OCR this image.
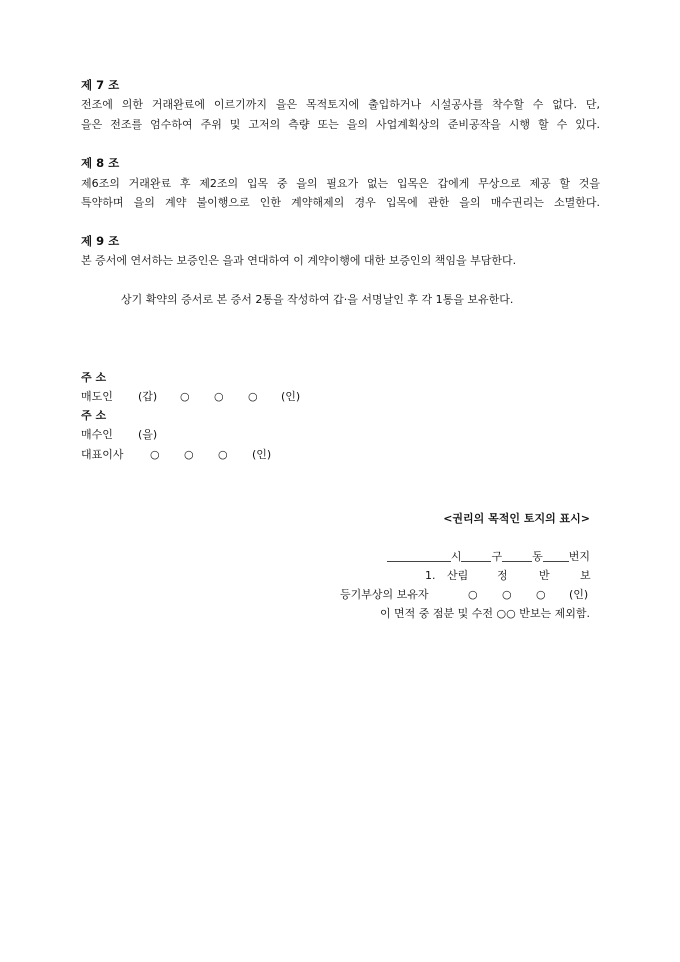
제 7 조
전조에 의한 거래완료에 이르기까지 을은 목적토지에 출입하거나 시설공사를 착수할 수 없다. 단,
을은 전조를 엄수하여 주위 및 고저의 측량 또는 을의 사업계획상의 준비공작을 시행 할 수 있다.
제 8 조
제6조의 거래완료 후 제2조의 입목 중 을의 필요가 없는 입목은 갑에게 무상으로 제공 할 것을
특약하며 을의 계약 불이행으로 인한 계약해제의 경우 입목에 관한 을의 매수권리는 소멸한다.
제 9 조
본 증서에 연서하는 보증인은 을과 연대하여 이 계약이행에 대한 보증인의 책임을 부담한다.
상기 확약의 증서로 본 증서 2통을 작성하여 갑·을 서명날인 후 각 1통을 보유한다.
주 소
매도인 (갑) ○ ○ ○ (인)
주 소
매수인 (을)
대표이사 ○ ○ ○ (인)
<권리의 목적인 토지의 표시>
시	구	동 번지
1. 산림	정	반	보
등기부상의 보유자	○ ○ ○ (인)
이 면적 중 점분 및 수전 ○○ 반보는 제외함.
